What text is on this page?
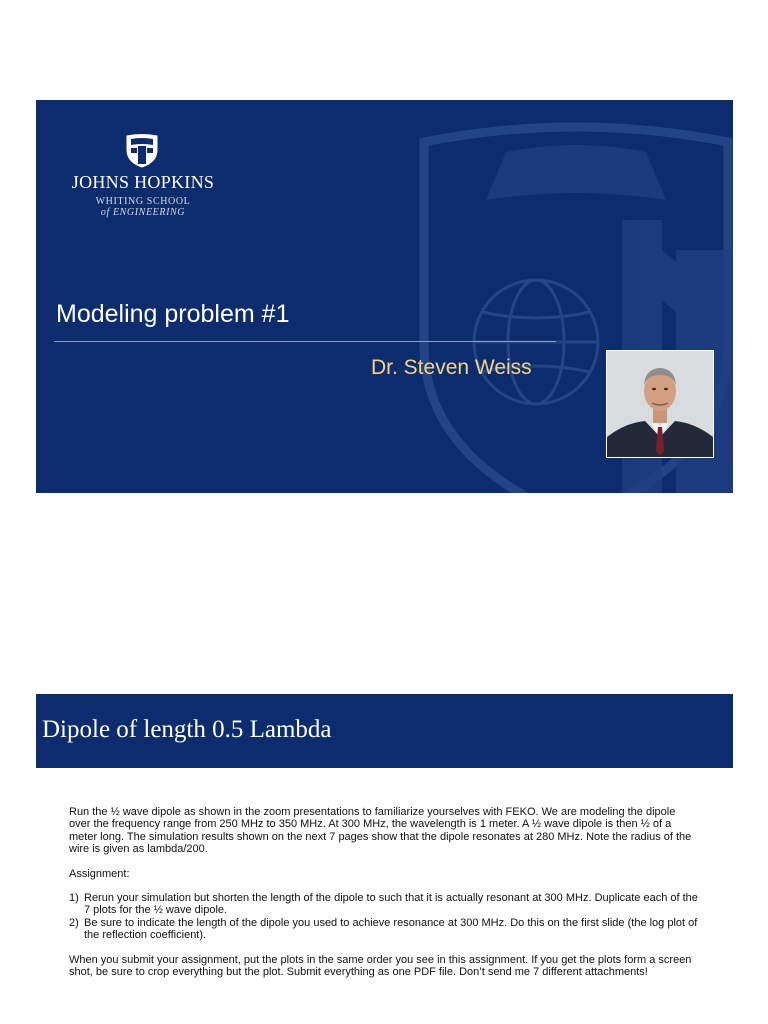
JOHNS HOPKINS
WHITING SCHOOL
of ENGINEERING
Modeling problem #1
Dr. Steven Weiss
Dipole of length 0.5 Lambda

Run the ½ wave dipole as shown in the zoom presentations to familiarize yourselves with FEKO. We are modeling the dipole over the frequency range from 250 MHz to 350 MHz. At 300 MHz, the wavelength is 1 meter. A ½ wave dipole is then ½ of a meter long. The simulation results shown on the next 7 pages show that the dipole resonates at 280 MHz. Note the radius of the wire is given as lambda/200.

Assignment:

1) Rerun your simulation but shorten the length of the dipole to such that it is actually resonant at 300 MHz. Duplicate each of the 7 plots for the ½ wave dipole.
2) Be sure to indicate the length of the dipole you used to achieve resonance at 300 MHz. Do this on the first slide (the log plot of the reflection coefficient).

When you submit your assignment, put the plots in the same order you see in this assignment. If you get the plots form a screen shot, be sure to crop everything but the plot. Submit everything as one PDF file. Don’t send me 7 different attachments!
